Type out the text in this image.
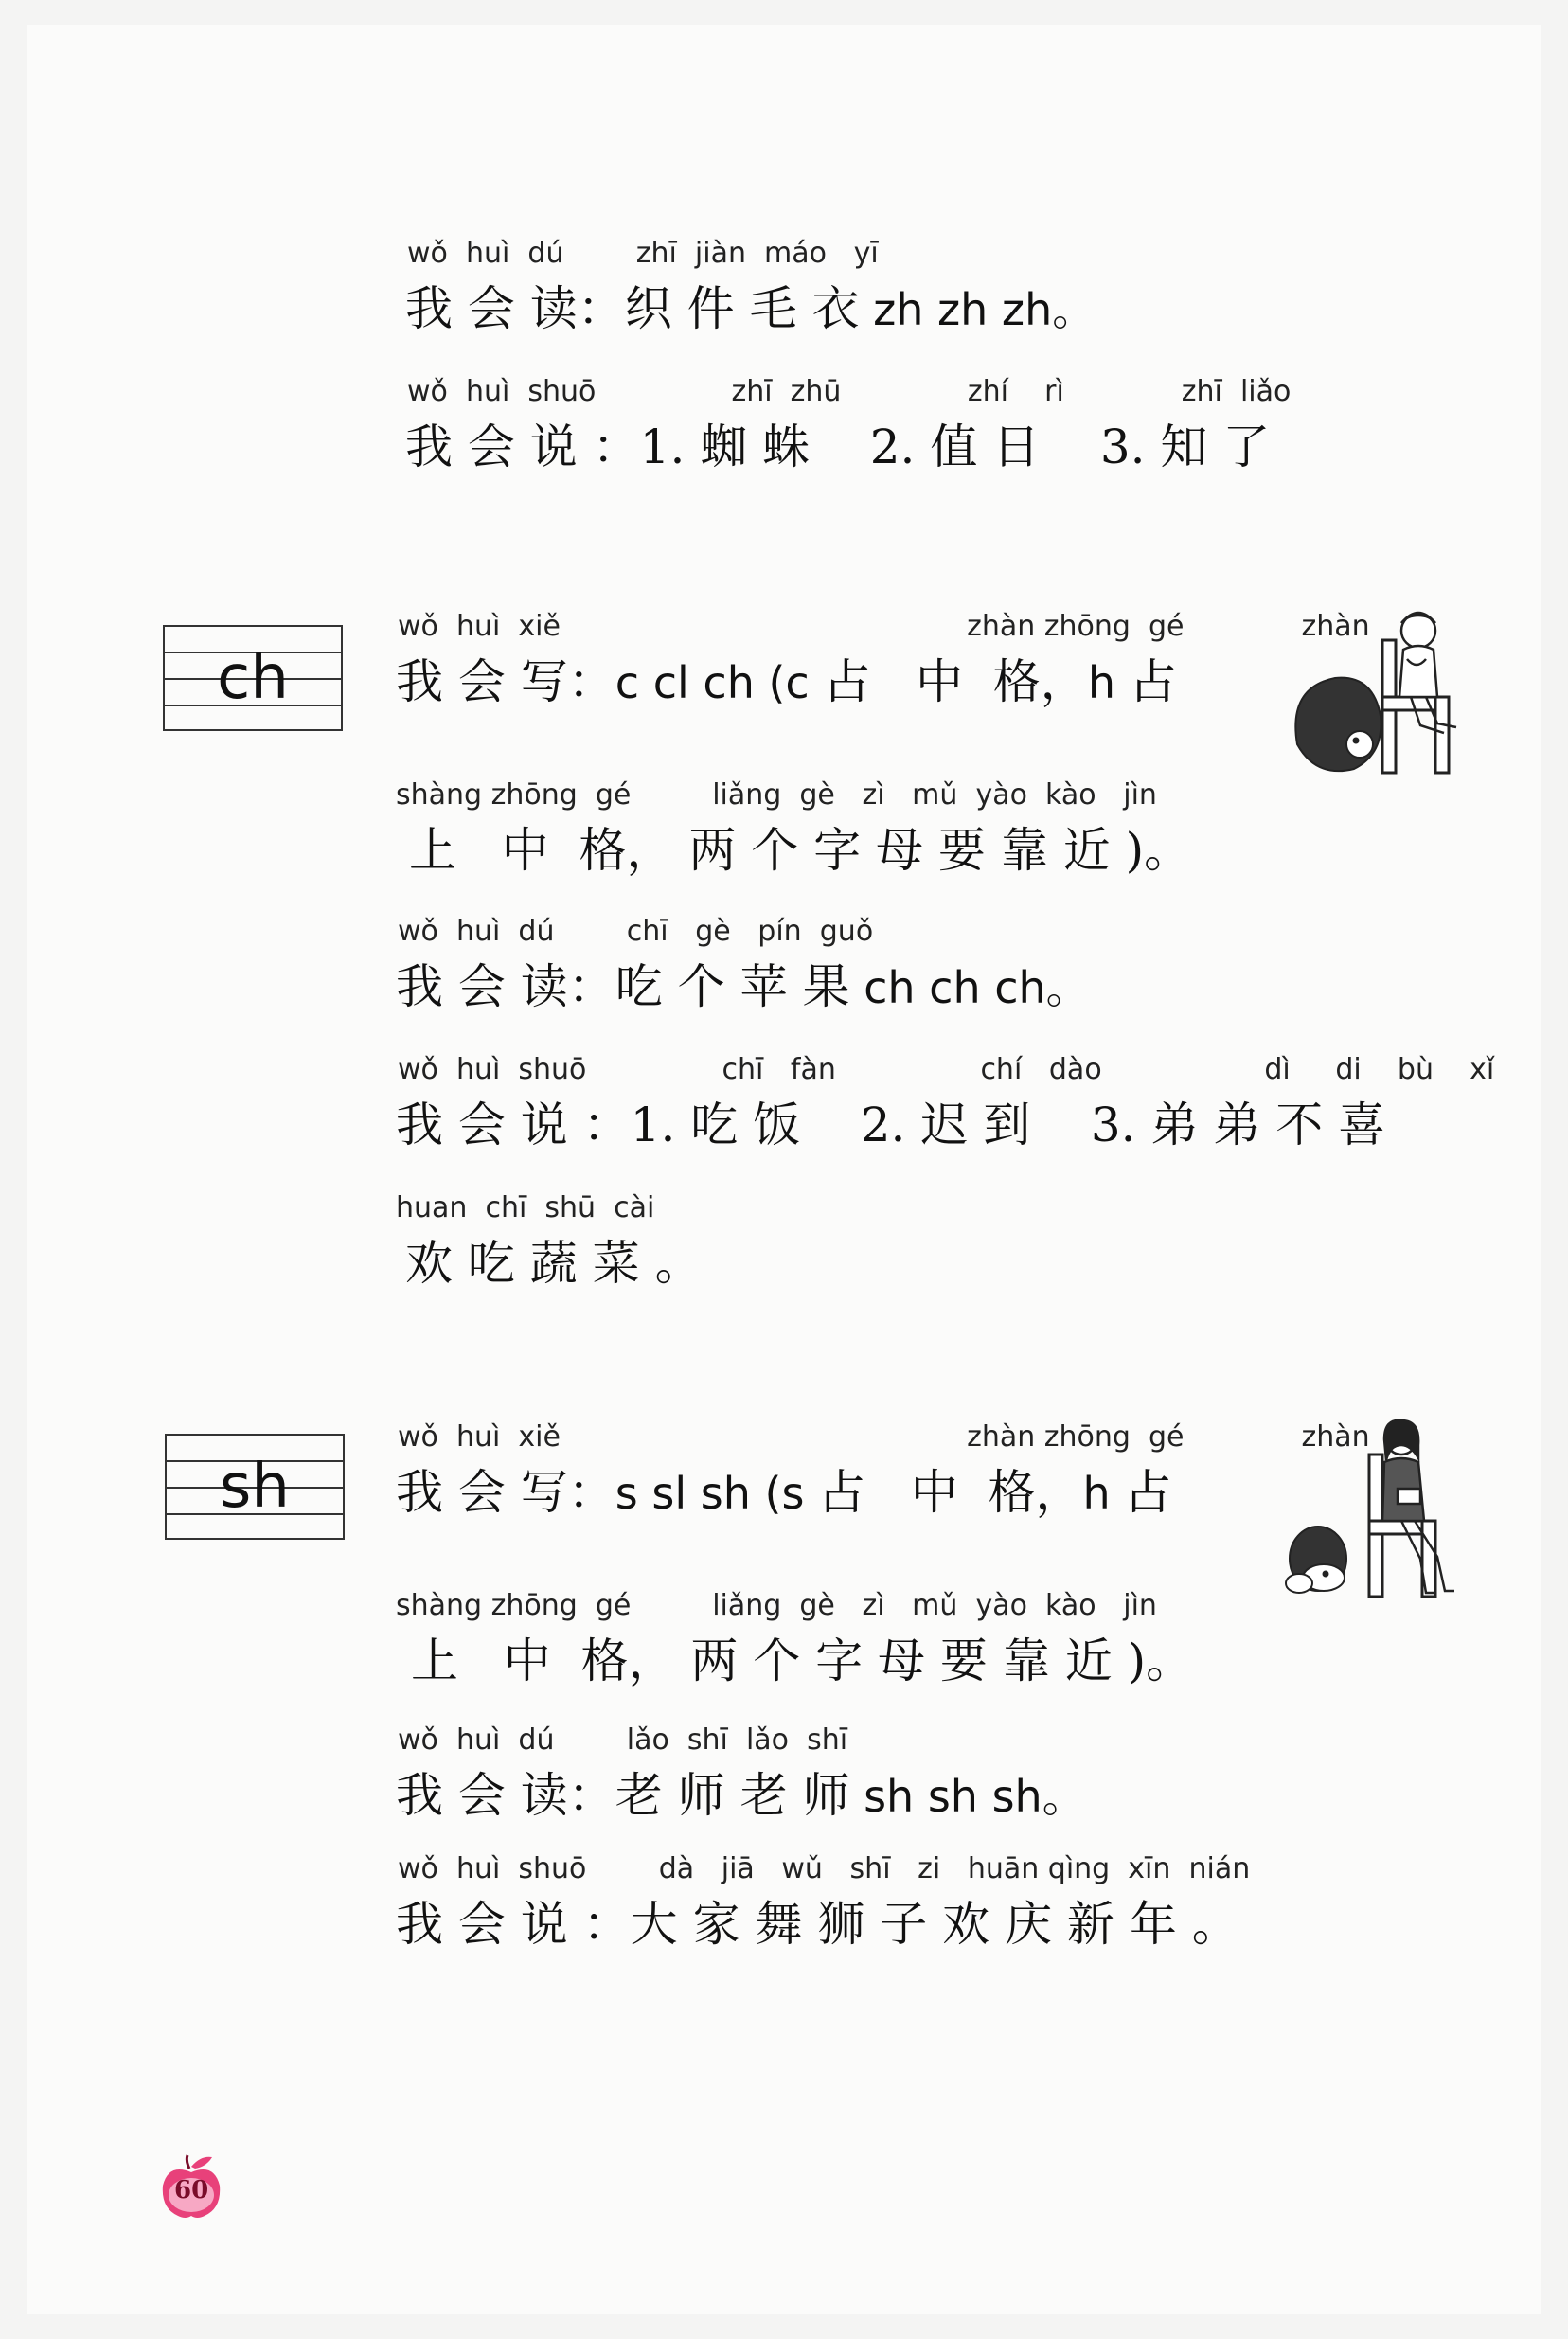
wǒ  huì  dú        zhī  jiàn  máo   yī
我 会 读：织 件 毛 衣 zh zh zh。
wǒ  huì  shuō               zhī  zhū              zhí    rì             zhī  liǎo
我 会 说 ：1. 蜘 蛛    2. 值 日    3. 知 了
ch
wǒ  huì  xiě                                             zhàn zhōng  gé             zhàn
我 会 写：c cl ch (c 占   中  格，h 占
shàng zhōng  gé         liǎng  gè   zì   mǔ  yào  kào   jìn
上   中  格， 两 个 字 母 要 靠 近 )。
wǒ  huì  dú        chī   gè   pín  guǒ
我 会 读：吃 个 苹 果 ch ch ch。
wǒ  huì  shuō               chī   fàn                chí   dào                  dì     di    bù    xǐ
我 会 说 ：1. 吃 饭    2. 迟 到    3. 弟 弟 不 喜
huan  chī  shū  cài
欢 吃 蔬 菜 。
sh
wǒ  huì  xiě                                             zhàn zhōng  gé             zhàn
我 会 写：s sl sh (s 占   中  格，h 占
shàng zhōng  gé         liǎng  gè   zì   mǔ  yào  kào   jìn
上   中  格， 两 个 字 母 要 靠 近 )。
wǒ  huì  dú        lǎo  shī  lǎo  shī
我 会 读：老 师 老 师 sh sh sh。
wǒ  huì  shuō        dà   jiā   wǔ   shī   zi   huān qìng  xīn  nián
我 会 说 ：大 家 舞 狮 子 欢 庆 新 年 。
60
